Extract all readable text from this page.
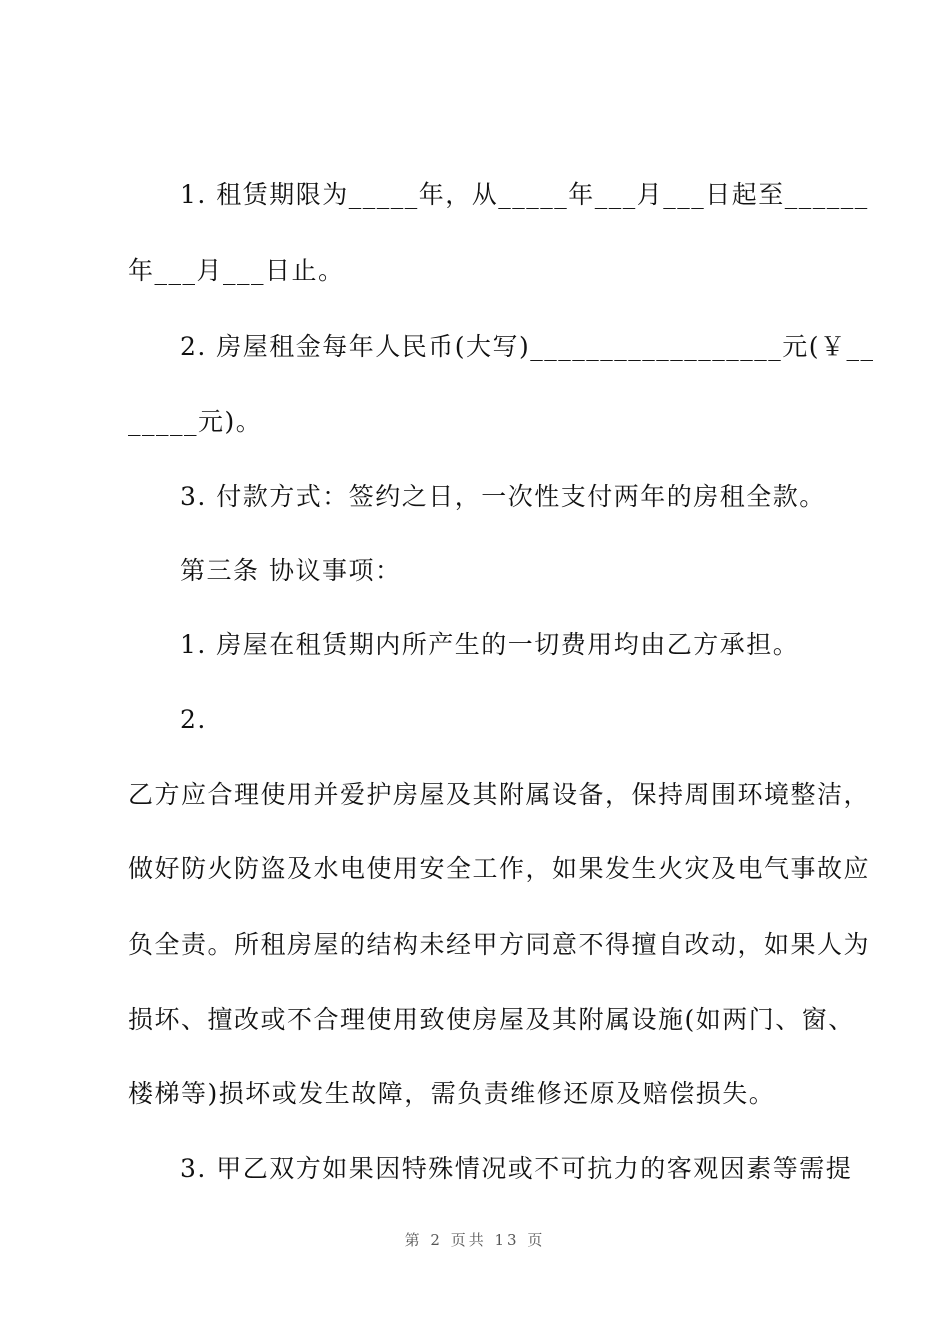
1. 租赁期限为_____年，从_____年___月___日起至______
年___月___日止。
2. 房屋租金每年人民币(大写)__________________元(￥__
_____元)。
3. 付款方式：签约之日，一次性支付两年的房租全款。
第三条 协议事项：
1. 房屋在租赁期内所产生的一切费用均由乙方承担。
2.
乙方应合理使用并爱护房屋及其附属设备，保持周围环境整洁，
做好防火防盗及水电使用安全工作，如果发生火灾及电气事故应
负全责。所租房屋的结构未经甲方同意不得擅自改动，如果人为
损坏、擅改或不合理使用致使房屋及其附属设施(如两门、窗、
楼梯等)损坏或发生故障，需负责维修还原及赔偿损失。
3. 甲乙双方如果因特殊情况或不可抗力的客观因素等需提
第 2 页共 13 页
